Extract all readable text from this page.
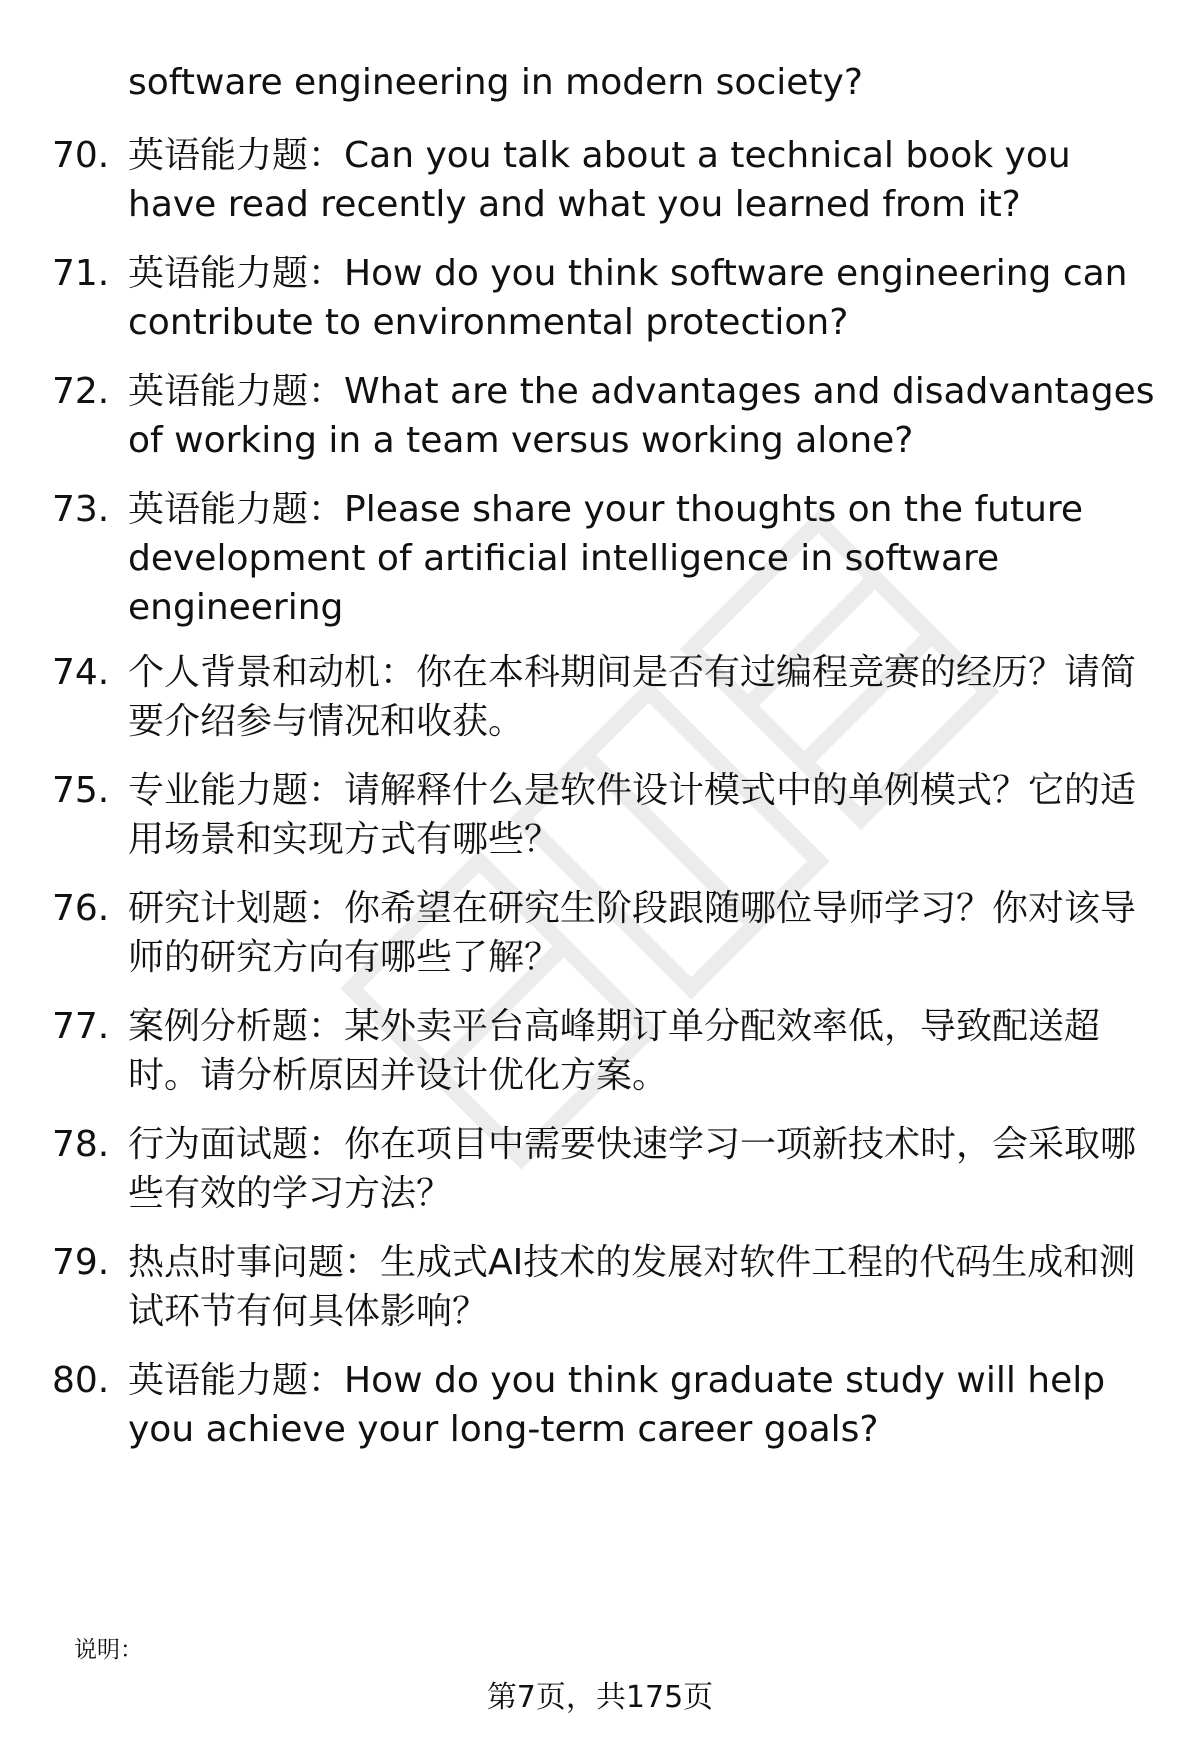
software engineering in modern society?
70. 英语能力题：Can you talk about a technical book you have read recently and what you learned from it?
71. 英语能力题：How do you think software engineering can contribute to environmental protection?
72. 英语能力题：What are the advantages and disadvantages of working in a team versus working alone?
73. 英语能力题：Please share your thoughts on the future development of artificial intelligence in software engineering
74. 个人背景和动机：你在本科期间是否有过编程竞赛的经历？请简要介绍参与情况和收获。
75. 专业能力题：请解释什么是软件设计模式中的单例模式？它的适用场景和实现方式有哪些？
76. 研究计划题：你希望在研究生阶段跟随哪位导师学习？你对该导师的研究方向有哪些了解？
77. 案例分析题：某外卖平台高峰期订单分配效率低，导致配送超时。请分析原因并设计优化方案。
78. 行为面试题：你在项目中需要快速学习一项新技术时，会采取哪些有效的学习方法？
79. 热点时事问题：生成式AI技术的发展对软件工程的代码生成和测试环节有何具体影响？
80. 英语能力题：How do you think graduate study will help you achieve your long-term career goals?
说明：
第7页，共175页
